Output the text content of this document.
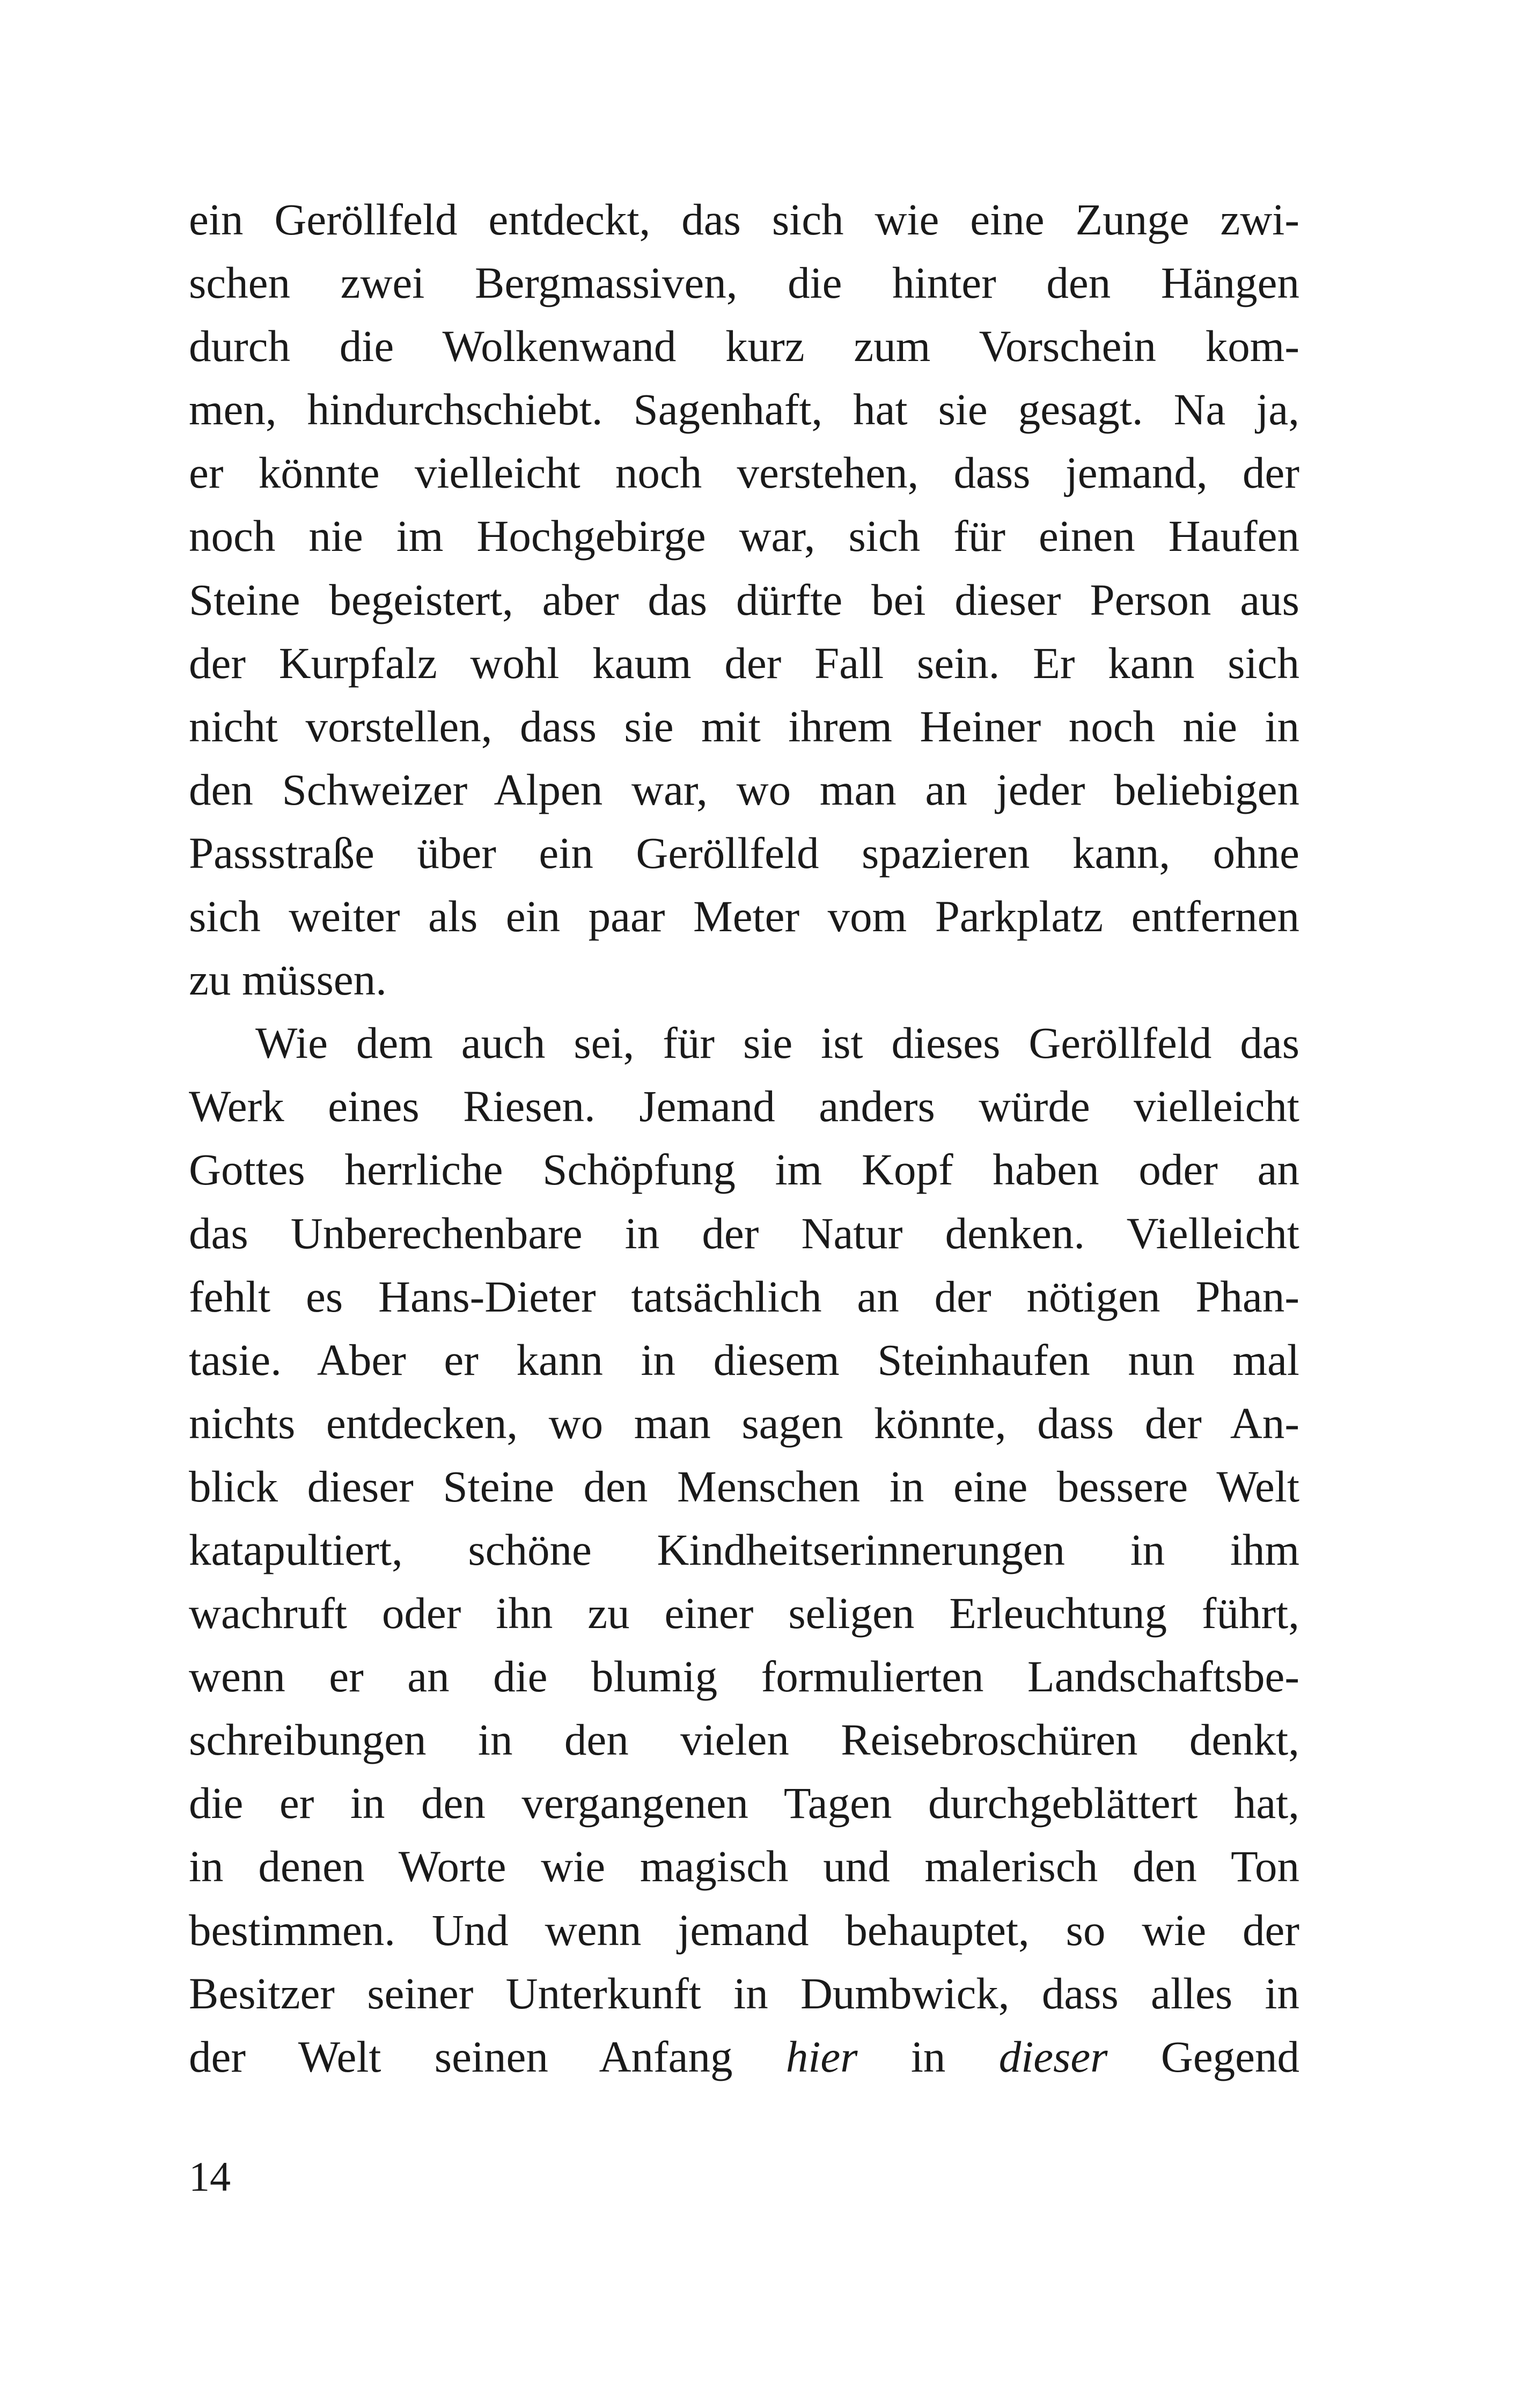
ein Geröllfeld entdeckt, das sich wie eine Zunge zwi-
schen zwei Bergmassiven, die hinter den Hängen
durch die Wolkenwand kurz zum Vorschein kom-
men, hindurchschiebt. Sagenhaft, hat sie gesagt. Na ja,
er könnte vielleicht noch verstehen, dass jemand, der
noch nie im Hochgebirge war, sich für einen Haufen
Steine begeistert, aber das dürfte bei dieser Person aus
der Kurpfalz wohl kaum der Fall sein. Er kann sich
nicht vorstellen, dass sie mit ihrem Heiner noch nie in
den Schweizer Alpen war, wo man an jeder beliebigen
Passstraße über ein Geröllfeld spazieren kann, ohne
sich weiter als ein paar Meter vom Parkplatz entfernen
zu müssen.
Wie dem auch sei, für sie ist dieses Geröllfeld das
Werk eines Riesen. Jemand anders würde vielleicht
Gottes herrliche Schöpfung im Kopf haben oder an
das Unberechenbare in der Natur denken. Vielleicht
fehlt es Hans-Dieter tatsächlich an der nötigen Phan-
tasie. Aber er kann in diesem Steinhaufen nun mal
nichts entdecken, wo man sagen könnte, dass der An-
blick dieser Steine den Menschen in eine bessere Welt
katapultiert, schöne Kindheitserinnerungen in ihm
wachruft oder ihn zu einer seligen Erleuchtung führt,
wenn er an die blumig formulierten Landschaftsbe-
schreibungen in den vielen Reisebroschüren denkt,
die er in den vergangenen Tagen durchgeblättert hat,
in denen Worte wie magisch und malerisch den Ton
bestimmen. Und wenn jemand behauptet, so wie der
Besitzer seiner Unterkunft in Dumbwick, dass alles in
der Welt seinen Anfang hier in dieser Gegend
14
